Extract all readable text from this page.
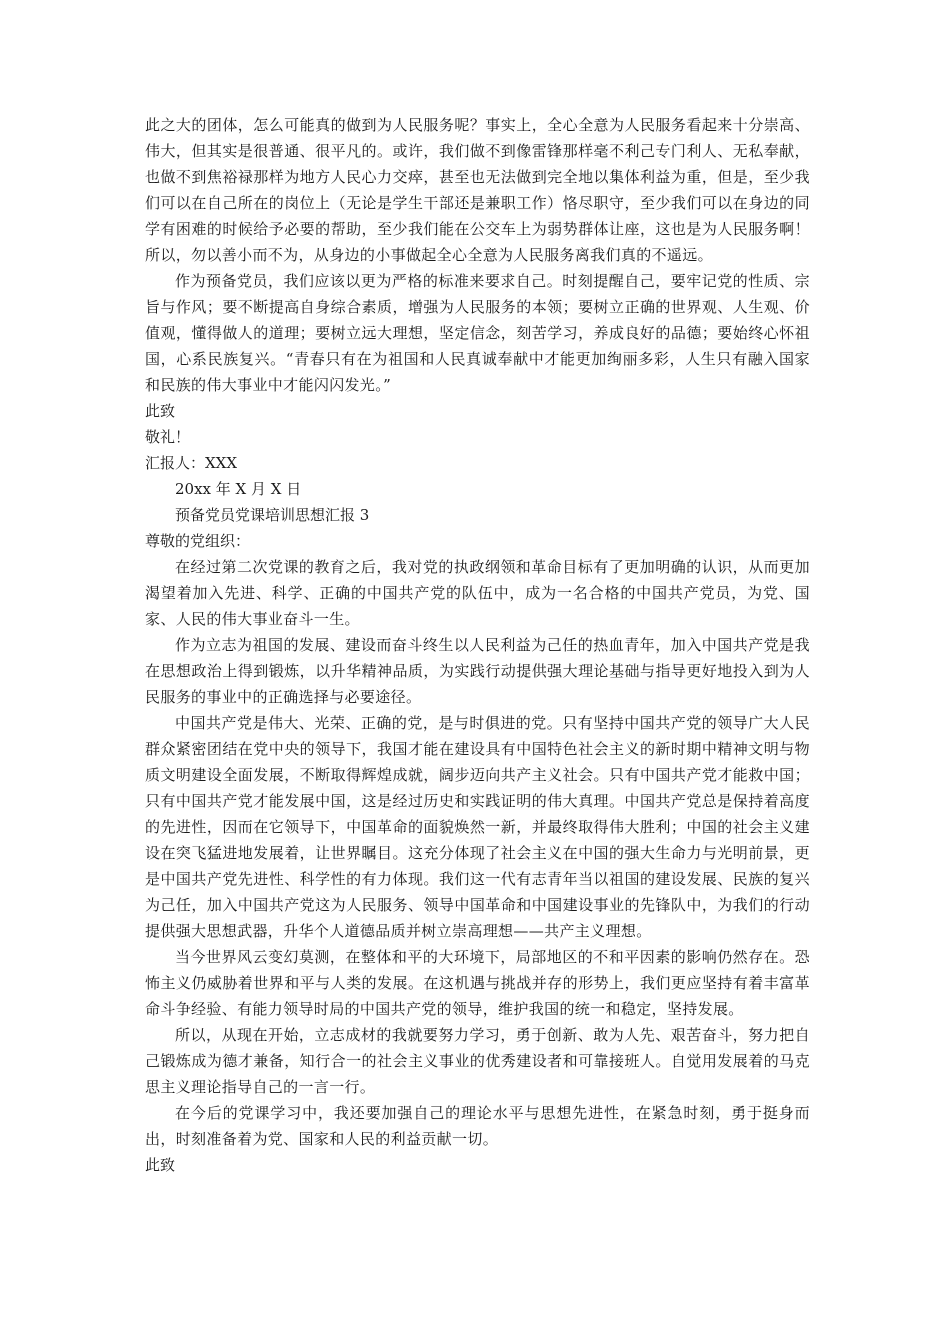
此之大的团体，怎么可能真的做到为人民服务呢？事实上，全心全意为人民服务看起来十分崇高、伟大，但其实是很普通、很平凡的。或许，我们做不到像雷锋那样毫不利己专门利人、无私奉献，也做不到焦裕禄那样为地方人民心力交瘁，甚至也无法做到完全地以集体利益为重，但是，至少我们可以在自己所在的岗位上（无论是学生干部还是兼职工作）恪尽职守，至少我们可以在身边的同学有困难的时候给予必要的帮助，至少我们能在公交车上为弱势群体让座，这也是为人民服务啊！所以，勿以善小而不为，从身边的小事做起全心全意为人民服务离我们真的不遥远。

作为预备党员，我们应该以更为严格的标准来要求自己。时刻提醒自己，要牢记党的性质、宗旨与作风；要不断提高自身综合素质，增强为人民服务的本领；要树立正确的世界观、人生观、价值观，懂得做人的道理；要树立远大理想，坚定信念，刻苦学习，养成良好的品德；要始终心怀祖国，心系民族复兴。“青春只有在为祖国和人民真诚奉献中才能更加绚丽多彩，人生只有融入国家和民族的伟大事业中才能闪闪发光。”

此致

敬礼！

汇报人：XXX

20xx 年 X 月 X 日

预备党员党课培训思想汇报 3

尊敬的党组织：

在经过第二次党课的教育之后，我对党的执政纲领和革命目标有了更加明确的认识，从而更加渴望着加入先进、科学、正确的中国共产党的队伍中，成为一名合格的中国共产党员，为党、国家、人民的伟大事业奋斗一生。

作为立志为祖国的发展、建设而奋斗终生以人民利益为己任的热血青年，加入中国共产党是我在思想政治上得到锻炼，以升华精神品质，为实践行动提供强大理论基础与指导更好地投入到为人民服务的事业中的正确选择与必要途径。

中国共产党是伟大、光荣、正确的党，是与时俱进的党。只有坚持中国共产党的领导广大人民群众紧密团结在党中央的领导下，我国才能在建设具有中国特色社会主义的新时期中精神文明与物质文明建设全面发展，不断取得辉煌成就，阔步迈向共产主义社会。只有中国共产党才能救中国；只有中国共产党才能发展中国，这是经过历史和实践证明的伟大真理。中国共产党总是保持着高度的先进性，因而在它领导下，中国革命的面貌焕然一新，并最终取得伟大胜利；中国的社会主义建设在突飞猛进地发展着，让世界瞩目。这充分体现了社会主义在中国的强大生命力与光明前景，更是中国共产党先进性、科学性的有力体现。我们这一代有志青年当以祖国的建设发展、民族的复兴为己任，加入中国共产党这为人民服务、领导中国革命和中国建设事业的先锋队中，为我们的行动提供强大思想武器，升华个人道德品质并树立崇高理想——共产主义理想。

当今世界风云变幻莫测，在整体和平的大环境下，局部地区的不和平因素的影响仍然存在。恐怖主义仍威胁着世界和平与人类的发展。在这机遇与挑战并存的形势上，我们更应坚持有着丰富革命斗争经验、有能力领导时局的中国共产党的领导，维护我国的统一和稳定，坚持发展。

所以，从现在开始，立志成材的我就要努力学习，勇于创新、敢为人先、艰苦奋斗，努力把自己锻炼成为德才兼备，知行合一的社会主义事业的优秀建设者和可靠接班人。自觉用发展着的马克思主义理论指导自己的一言一行。

在今后的党课学习中，我还要加强自己的理论水平与思想先进性，在紧急时刻，勇于挺身而出，时刻准备着为党、国家和人民的利益贡献一切。

此致
